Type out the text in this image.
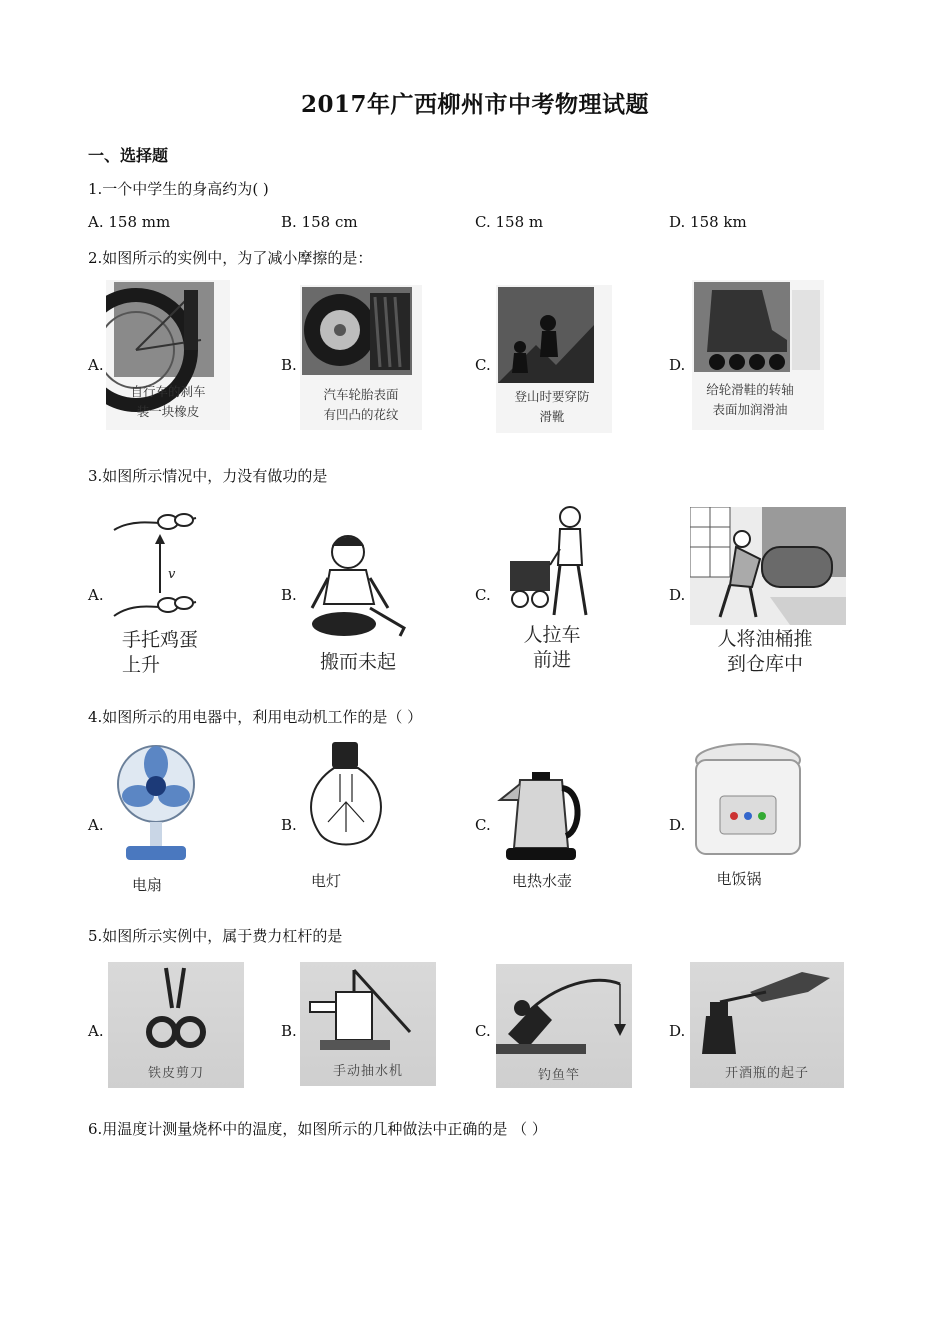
2017年广西柳州市中考物理试题
一、选择题
1.一个中学生的身高约为( )
A. 158 mm	B. 158 cm	C. 158 m	D. 158 km
2.如图所示的实例中，为了减小摩擦的是：
A.	B.	C.	D.
自行车的刹车
装一块橡皮
汽车轮胎表面
有凹凸的花纹
登山时要穿防
滑靴
给轮滑鞋的转轴
表面加润滑油
3.如图所示情况中，力没有做功的是
A.	B.	C.	D.
v
手托鸡蛋
上升	搬而未起
人拉车
前进
人将油桶推
到仓库中
4.如图所示的用电器中，利用电动机工作的是（ ）
A.	B.	C.	D.
电扇	电灯	电热水壶	电饭锅
5.如图所示实例中，属于费力杠杆的是
A.	B.	C.	D.
铁皮剪刀	手动抽水机	钓鱼竿	开酒瓶的起子
6.用温度计测量烧杯中的温度，如图所示的几种做法中正确的是 （ ）
